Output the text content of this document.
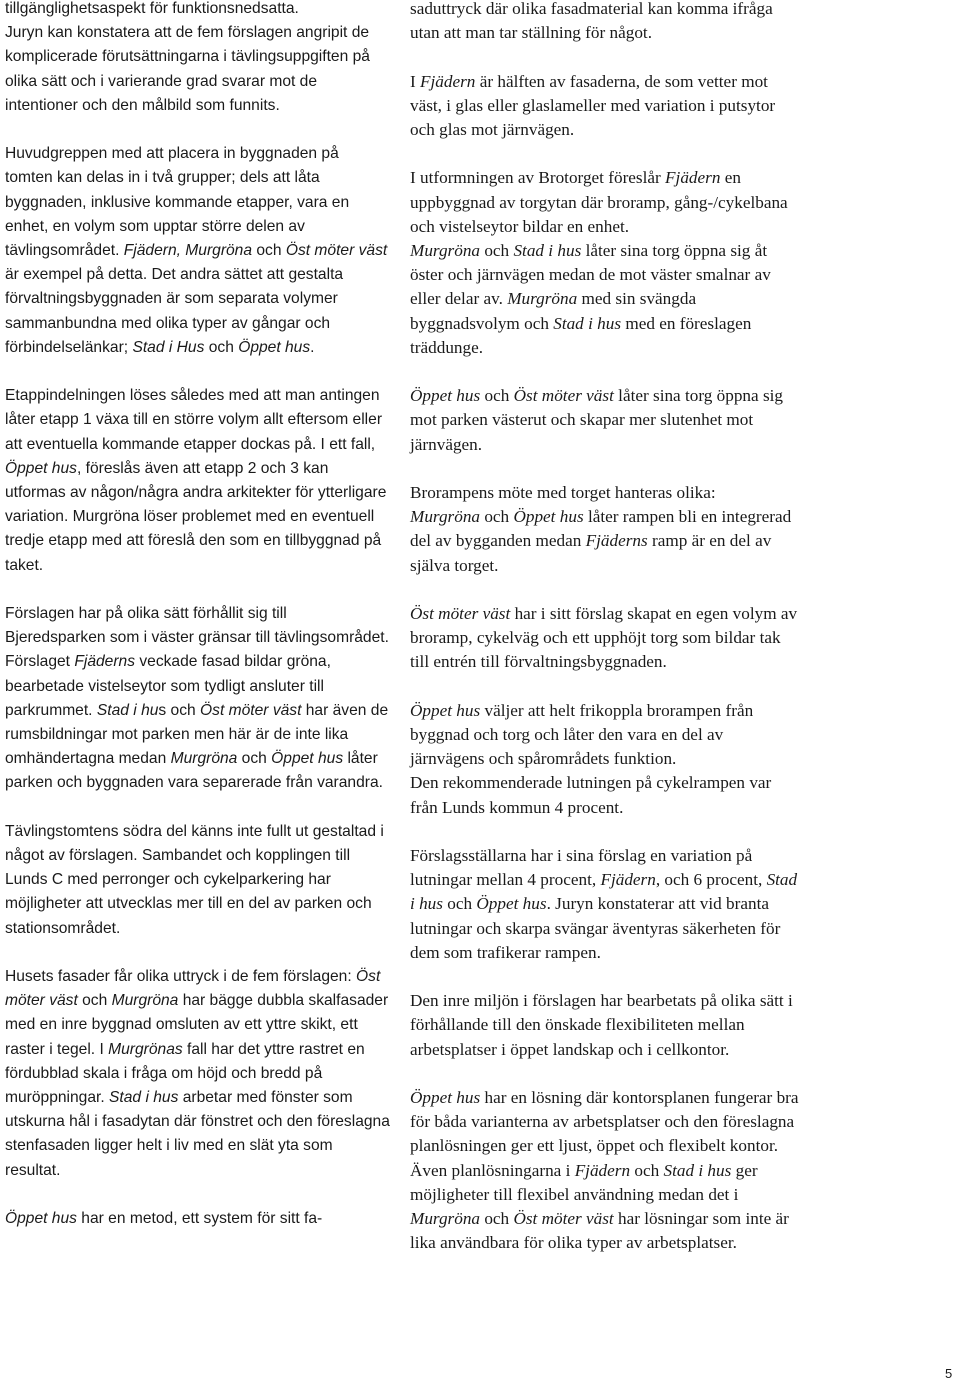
tillgänglighetsaspekt för funktionsnedsatta.
Juryn kan konstatera att de fem förslagen angripit de komplicerade förutsättningarna i tävlingsuppgiften på olika sätt och i varierande grad svarar mot de intentioner och den målbild som funnits.

Huvudgreppen med att placera in byggnaden på tomten kan delas in i två grupper; dels att låta byggnaden, inklusive kommande etapper, vara en enhet, en volym som upptar större delen av tävlingsområdet. Fjädern, Murgröna och Öst möter väst är exempel på detta. Det andra sättet att gestalta förvaltningsbyggnaden är som separata volymer sammanbundna med olika typer av gångar och förbindelselänkar; Stad i Hus och Öppet hus.

Etappindelningen löses således med att man antingen låter etapp 1 växa till en större volym allt eftersom eller att eventuella kommande etapper dockas på. I ett fall, Öppet hus, föreslås även att etapp 2 och 3 kan utformas av någon/några andra arkitekter för ytterligare variation. Murgröna löser problemet med en eventuell tredje etapp med att föreslå den som en tillbyggnad på taket.

Förslagen har på olika sätt förhållit sig till Bjeredsparken som i väster gränsar till tävlingsområdet. Förslaget Fjäderns veckade fasad bildar gröna, bearbetade vistelseytor som tydligt ansluter till parkrummet. Stad i hus och Öst möter väst har även de rumsbildningar mot parken men här är de inte lika omhändertagna medan Murgröna och Öppet hus låter parken och byggnaden vara separerade från varandra.

Tävlingstomtens södra del känns inte fullt ut gestaltad i något av förslagen. Sambandet och kopplingen till Lunds C med perronger och cykelparkering har möjligheter att utvecklas mer till en del av parken och stationsområdet.

Husets fasader får olika uttryck i de fem förslagen: Öst möter väst och Murgröna har bägge dubbla skalfasader med en inre byggnad omsluten av ett yttre skikt, ett raster i tegel. I Murgrönas fall har det yttre rastret en fördubblad skala i fråga om höjd och bredd på muröppningar. Stad i hus arbetar med fönster som utskurna hål i fasadytan där fönstret och den föreslagna stenfasaden ligger helt i liv med en slät yta som resultat.

Öppet hus har en metod, ett system för sitt fa-

saduttryck där olika fasadmaterial kan komma ifråga utan att man tar ställning för något.

I Fjädern är hälften av fasaderna, de som vetter mot väst, i glas eller glaslameller med variation i putsytor och glas mot järnvägen.

I utformningen av Brotorget föreslår Fjädern en uppbyggnad av torgytan där broramp, gång-/cykelbana och vistelseytor bildar en enhet.
Murgröna och Stad i hus låter sina torg öppna sig åt öster och järnvägen medan de mot väster smalnar av eller delar av. Murgröna med sin svängda byggnadsvolym och Stad i hus med en föreslagen träddunge.

Öppet hus och Öst möter väst låter sina torg öppna sig mot parken västerut och skapar mer slutenhet mot järnvägen.

Brorampens möte med torget hanteras olika:
Murgröna och Öppet hus låter rampen bli en integrerad del av bygganden medan Fjäderns ramp är en del av själva torget.

Öst möter väst har i sitt förslag skapat en egen volym av broramp, cykelväg och ett upphöjt torg som bildar tak till entrén till förvaltningsbyggnaden.

Öppet hus väljer att helt frikoppla brorampen från byggnad och torg och låter den vara en del av järnvägens och spårområdets funktion.
Den rekommenderade lutningen på cykelrampen var från Lunds kommun 4 procent.

Förslagsställarna har i sina förslag en variation på lutningar mellan 4 procent, Fjädern, och 6 procent, Stad i hus och Öppet hus. Juryn konstaterar att vid branta lutningar och skarpa svängar äventyras säkerheten för dem som trafikerar rampen.

Den inre miljön i förslagen har bearbetats på olika sätt i förhållande till den önskade flexibiliteten mellan arbetsplatser i öppet landskap och i cellkontor.

Öppet hus har en lösning där kontorsplanen fungerar bra för båda varianterna av arbetsplatser och den föreslagna planlösningen ger ett ljust, öppet och flexibelt kontor. Även planlösningarna i Fjädern och Stad i hus ger möjligheter till flexibel användning medan det i Murgröna och Öst möter väst har lösningar som inte är lika användbara för olika typer av arbetsplatser.

5
